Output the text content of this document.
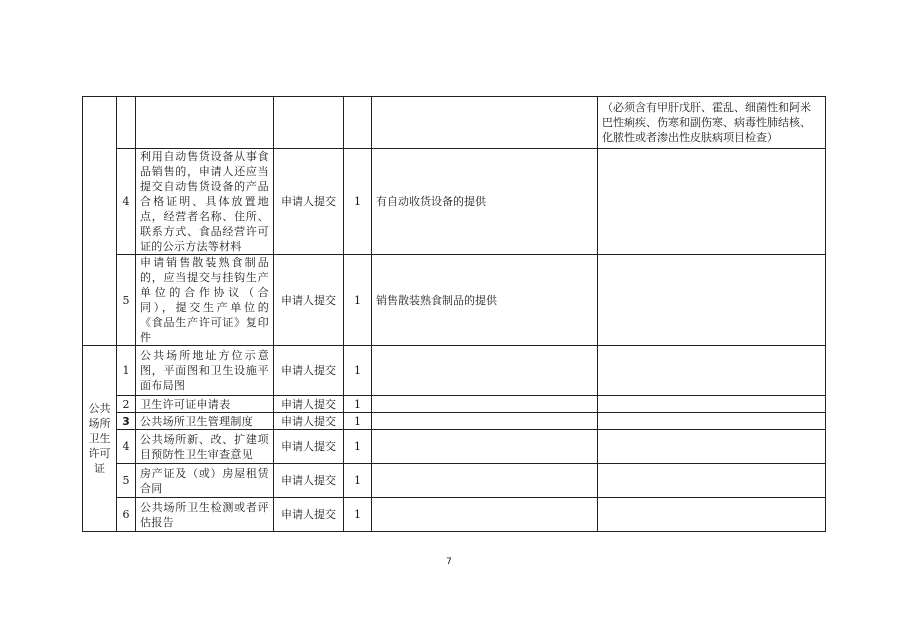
						（必须含有甲肝戊肝、霍乱、细菌性和阿米巴性痢疾、伤寒和副伤寒、病毒性肺结核、化脓性或者渗出性皮肤病项目检查）
	4	利用自动售货设备从事食品销售的，申请人还应当提交自动售货设备的产品合格证明、具体放置地点，经营者名称、住所、联系方式、食品经营许可证的公示方法等材料	申请人提交	1	有自动收货设备的提供	
	5	申请销售散装熟食制品的，应当提交与挂钩生产单位的合作协议（合同），提交生产单位的《食品生产许可证》复印件	申请人提交	1	销售散装熟食制品的提供	
公共场所卫生许可证	1	公共场所地址方位示意图，平面图和卫生设施平面布局图	申请人提交	1		
	2	卫生许可证申请表	申请人提交	1		
	3	公共场所卫生管理制度	申请人提交	1		
	4	公共场所新、改、扩建项目预防性卫生审查意见	申请人提交	1		
	5	房产证及（或）房屋租赁合同	申请人提交	1		
	6	公共场所卫生检测或者评估报告	申请人提交	1		
7
